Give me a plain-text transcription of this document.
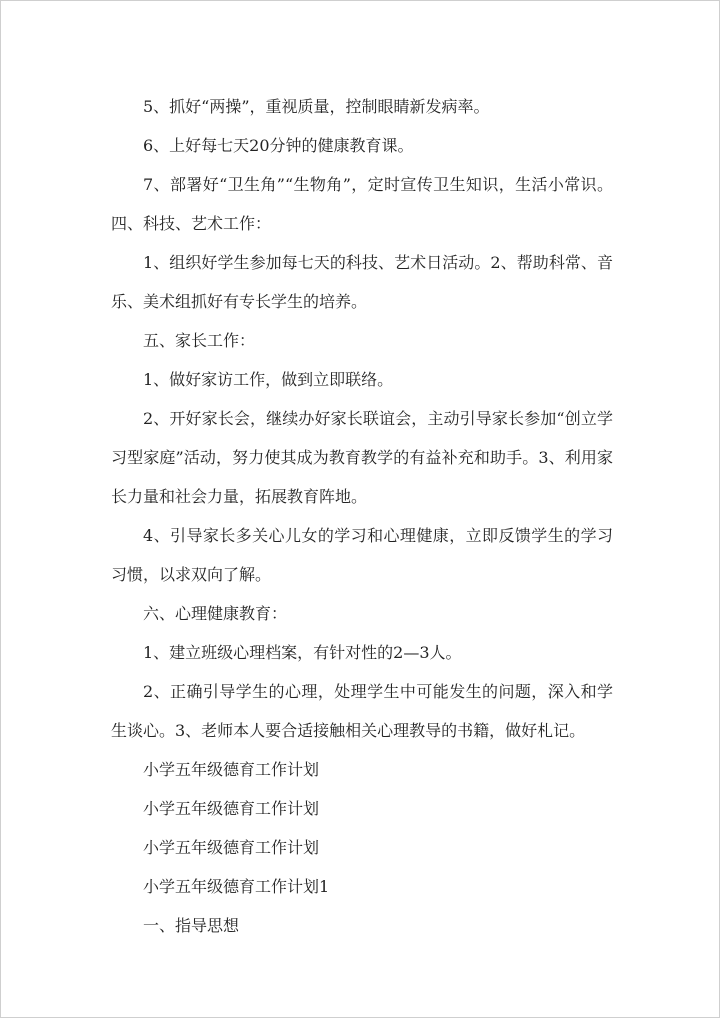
5、抓好“两操”，重视质量，控制眼睛新发病率。

6、上好每七天20分钟的健康教育课。

7、部署好“卫生角”“生物角”，定时宣传卫生知识，生活小常识。四、科技、艺术工作：

1、组织好学生参加每七天的科技、艺术日活动。2、帮助科常、音乐、美术组抓好有专长学生的培养。

五、家长工作：

1、做好家访工作，做到立即联络。

2、开好家长会，继续办好家长联谊会，主动引导家长参加“创立学习型家庭”活动，努力使其成为教育教学的有益补充和助手。3、利用家长力量和社会力量，拓展教育阵地。

4、引导家长多关心儿女的学习和心理健康，立即反馈学生的学习习惯，以求双向了解。

六、心理健康教育：

1、建立班级心理档案，有针对性的2—3人。

2、正确引导学生的心理，处理学生中可能发生的问题，深入和学生谈心。3、老师本人要合适接触相关心理教导的书籍，做好札记。

小学五年级德育工作计划

小学五年级德育工作计划

小学五年级德育工作计划

小学五年级德育工作计划1

一、指导思想
